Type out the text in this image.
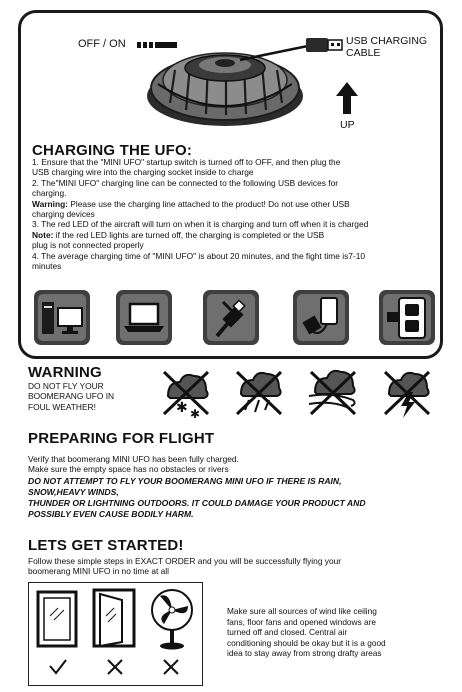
OFF / ON	USB CHARGING
CABLE
UP
CHARGING THE UFO:
1. Ensure that the "MINI UFO" startup switch is turned off to OFF, and then plug the
USB charging wire into the charging socket inside to charge
2. The"MINI UFO" charging line can be connected to the following USB devices for
charging.
Warning: Please use the charging line attached to the product! Do not use other USB
charging devices
3. The red LED of the aircraft will turn on when it is charging and turn off when it is charged
Note: if the red LED lights are turned off, the charging is completed or the USB
plug is not connected properly
4. The average charging time of "MINI UFO" is about 20 minutes, and the fight time is7-10
minutes
WARNING
DO NOT FLY YOUR
BOOMERANG UFO IN
FOUL WEATHER!	✱ ✱
PREPARING FOR FLIGHT
Verify that boomerang MINI UFO has been fully charged.
Make sure the empty space has no obstacles or rivers
DO NOT ATTEMPT TO FLY YOUR BOOMERANG MINI UFO IF THERE IS RAIN,
SNOW,HEAVY WINDS,
THUNDER OR LIGHTNING OUTDOORS. IT COULD DAMAGE YOUR PRODUCT AND
POSSIBLY EVEN CAUSE BODILY HARM.
LETS GET STARTED!
Follow these simple steps in EXACT ORDER and you will be successfully flying your
boomerang MINI UFO in no time at all
Make sure all sources of wind like ceiling
fans, floor fans and opened windows are
turned off and closed. Central air
conditioning should be okay but it is a good
idea to stay away from strong drafty areas
